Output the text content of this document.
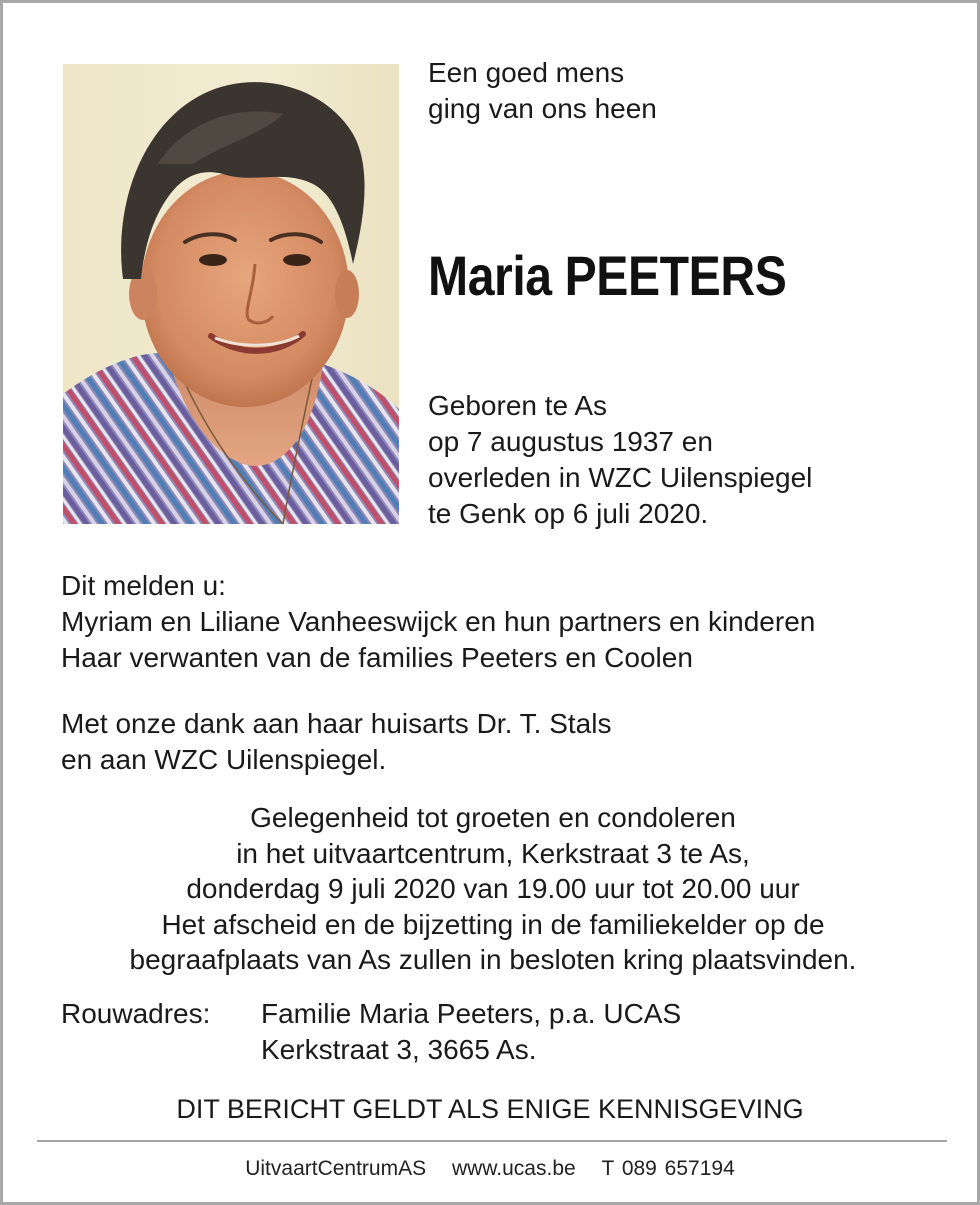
Een goed mens
ging van ons heen
Maria PEETERS
Geboren te As
op 7 augustus 1937 en
overleden in WZC Uilenspiegel
te Genk op 6 juli 2020.
Dit melden u:
Myriam en Liliane Vanheeswijck en hun partners en kinderen
Haar verwanten van de families Peeters en Coolen
Met onze dank aan haar huisarts Dr. T. Stals
en aan WZC Uilenspiegel.
Gelegenheid tot groeten en condoleren
in het uitvaartcentrum, Kerkstraat 3 te As,
donderdag 9 juli 2020 van 19.00 uur tot 20.00 uur
Het afscheid en de bijzetting in de familiekelder op de
begraafplaats van As zullen in besloten kring plaatsvinden.
Rouwadres: Familie Maria Peeters, p.a. UCAS
Kerkstraat 3, 3665 As.
DIT BERICHT GELDT ALS ENIGE KENNISGEVING
UitvaartCentrumAS www.ucas.be T 089 657194
